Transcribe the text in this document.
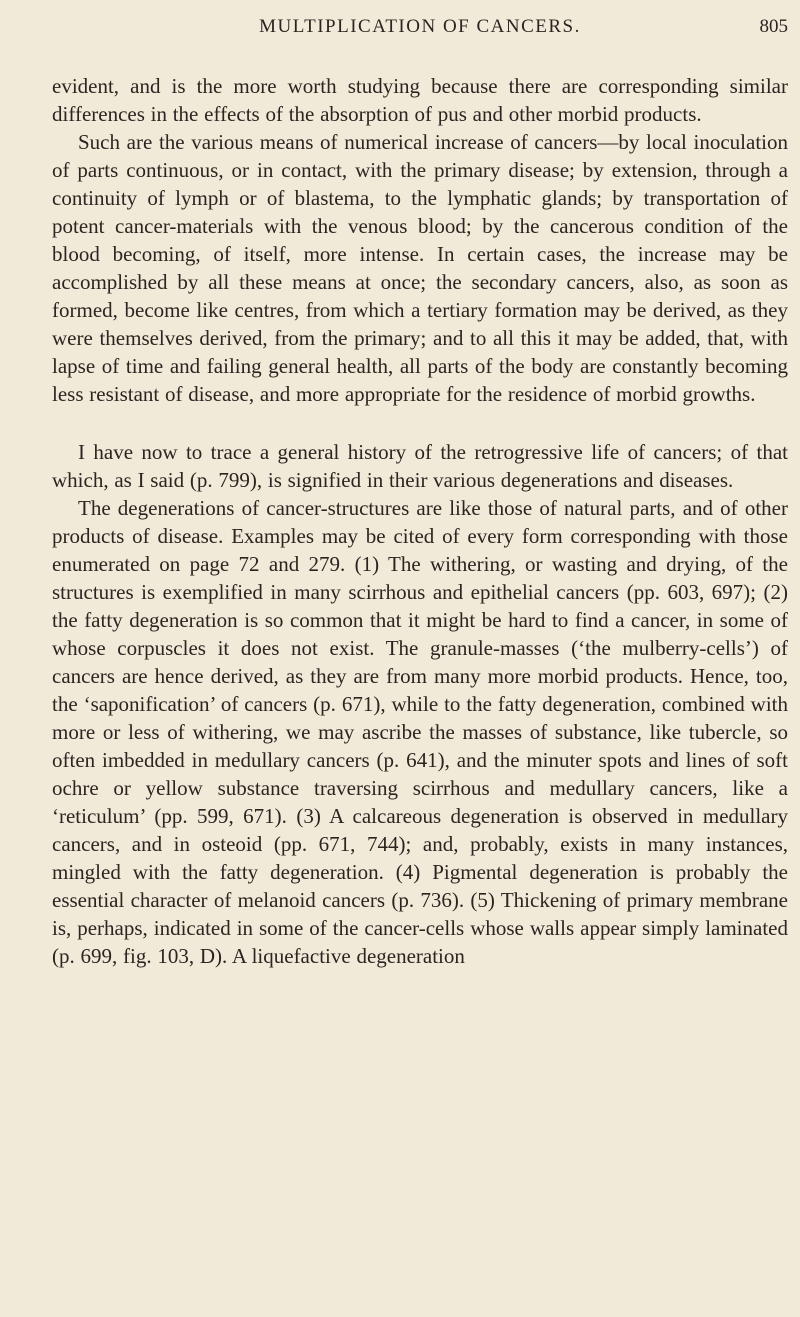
MULTIPLICATION OF CANCERS.	805

evident, and is the more worth studying because there are corresponding similar differences in the effects of the absorption of pus and other morbid products.

Such are the various means of numerical increase of cancers—by local inoculation of parts continuous, or in contact, with the primary disease; by extension, through a continuity of lymph or of blastema, to the lymphatic glands; by transportation of potent cancer-materials with the venous blood; by the cancerous condition of the blood becoming, of itself, more intense. In certain cases, the increase may be accomplished by all these means at once; the secondary cancers, also, as soon as formed, become like centres, from which a tertiary formation may be derived, as they were themselves derived, from the primary; and to all this it may be added, that, with lapse of time and failing general health, all parts of the body are constantly becoming less resistant of disease, and more appropriate for the residence of morbid growths.

I have now to trace a general history of the retrogressive life of cancers; of that which, as I said (p. 799), is signified in their various degenerations and diseases.

The degenerations of cancer-structures are like those of natural parts, and of other products of disease. Examples may be cited of every form corresponding with those enumerated on page 72 and 279. (1) The withering, or wasting and drying, of the structures is exemplified in many scirrhous and epithelial cancers (pp. 603, 697); (2) the fatty degeneration is so common that it might be hard to find a cancer, in some of whose corpuscles it does not exist. The granule-masses (‘the mulberry-cells’) of cancers are hence derived, as they are from many more morbid products. Hence, too, the ‘saponification’ of cancers (p. 671), while to the fatty degeneration, combined with more or less of withering, we may ascribe the masses of substance, like tubercle, so often imbedded in medullary cancers (p. 641), and the minuter spots and lines of soft ochre or yellow substance traversing scirrhous and medullary cancers, like a ‘reticulum’ (pp. 599, 671). (3) A calcareous degeneration is observed in medullary cancers, and in osteoid (pp. 671, 744); and, probably, exists in many instances, mingled with the fatty degeneration. (4) Pigmental degeneration is probably the essential character of melanoid cancers (p. 736). (5) Thickening of primary membrane is, perhaps, indicated in some of the cancer-cells whose walls appear simply laminated (p. 699, fig. 103, D). A liquefactive degeneration
